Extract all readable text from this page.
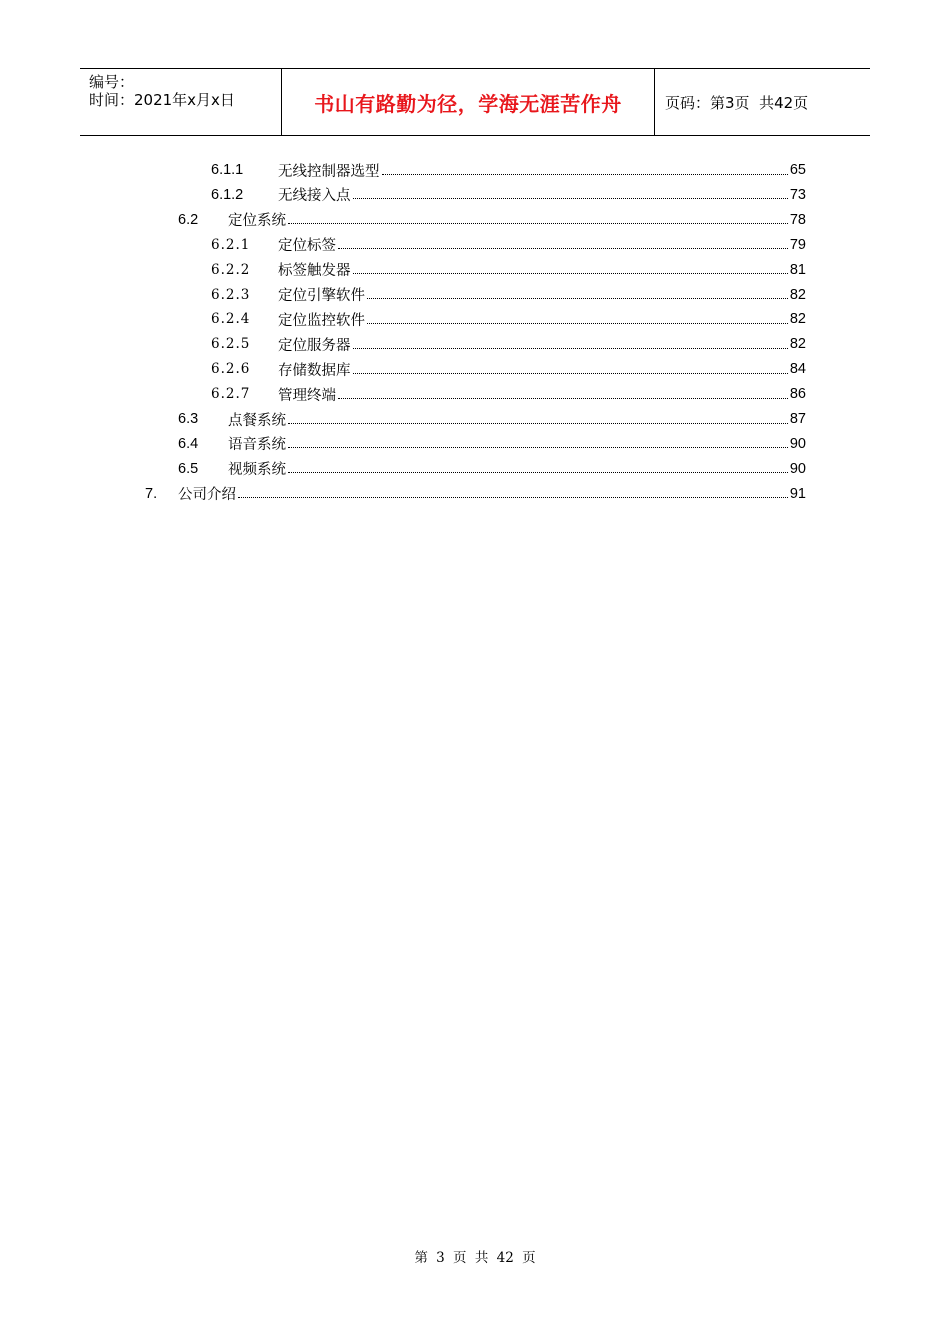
编号：
时间：2021年x月x日	书山有路勤为径，学海无涯苦作舟	页码：第3页  共42页
6.1.1 无线控制器选型	65
6.1.2 无线接入点	73
6.2 定位系统	78
6.2.1 定位标签	79
6.2.2 标签触发器	81
6.2.3 定位引擎软件	82
6.2.4 定位监控软件	82
6.2.5 定位服务器	82
6.2.6 存储数据库	84
6.2.7 管理终端	86
6.3 点餐系统	87
6.4 语音系统	90
6.5 视频系统	90
7. 公司介绍	91
第 3 页 共 42 页
